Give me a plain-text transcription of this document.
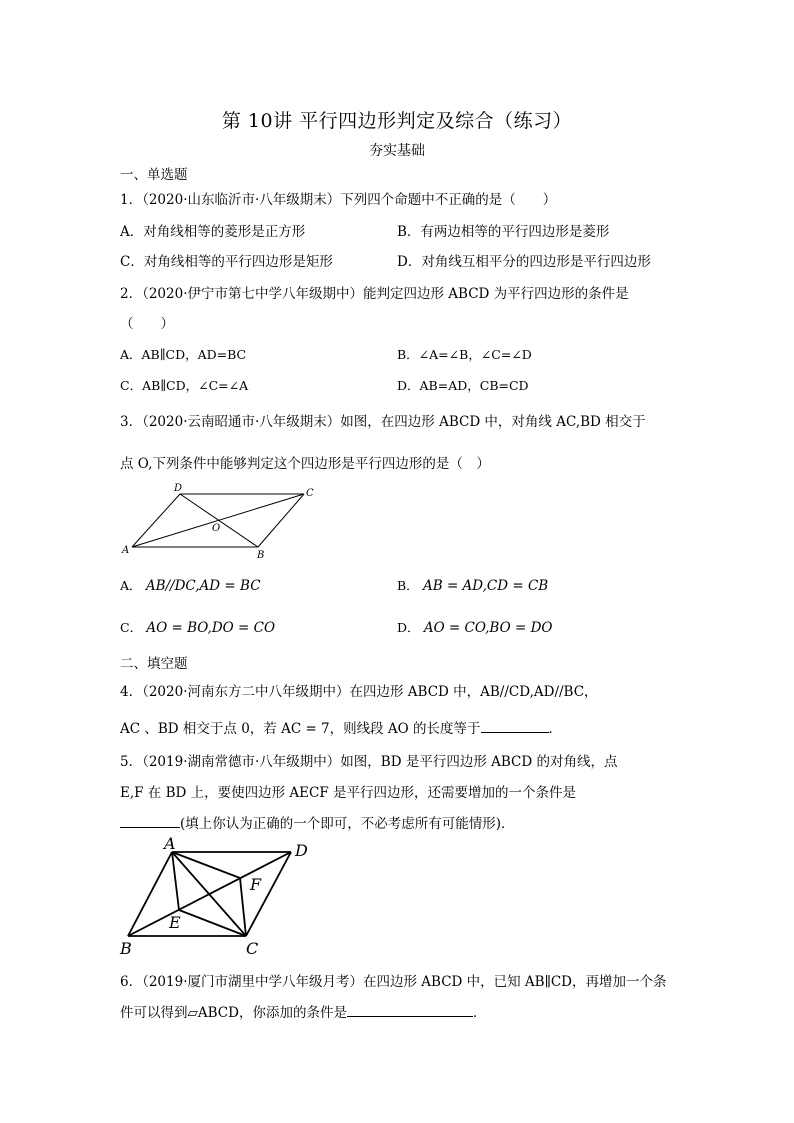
第 10讲 平行四边形判定及综合（练习）
夯实基础
一、单选题
1．（2020·山东临沂市·八年级期末）下列四个命题中不正确的是（　　）
A．对角线相等的菱形是正方形	B．有两边相等的平行四边形是菱形
C．对角线相等的平行四边形是矩形	D．对角线互相平分的四边形是平行四边形
2．（2020·伊宁市第七中学八年级期中）能判定四边形 ABCD 为平行四边形的条件是
（　　）
A．AB∥CD，AD=BC	B．∠A=∠B，∠C=∠D
C．AB∥CD，∠C=∠A	D．AB=AD，CB=CD
3．（2020·云南昭通市·八年级期末）如图，在四边形 ABCD 中，对角线 AC,BD 相交于
点 O,下列条件中能够判定这个四边形是平行四边形的是（　）
A	B
C
D
O
A． AB//DC,AD = BC	B． AB = AD,CD = CB
C． AO = BO,DO = CO	D． AO = CO,BO = DO
二、填空题
4．（2020·河南东方二中八年级期中）在四边形 ABCD 中，AB//CD,AD//BC，
AC 、BD 相交于点 0，若 AC = 7，则线段 AO 的长度等于	．
5．（2019·湖南常德市·八年级期中）如图，BD 是平行四边形 ABCD 的对角线，点
E,F 在 BD 上，要使四边形 AECF 是平行四边形，还需要增加的一个条件是
(填上你认为正确的一个即可，不必考虑所有可能情形)．
A
B	C
D
E
F
6．（2019·厦门市湖里中学八年级月考）在四边形 ABCD 中，已知 AB∥CD，再增加一个条
件可以得到▱ABCD，你添加的条件是	．
